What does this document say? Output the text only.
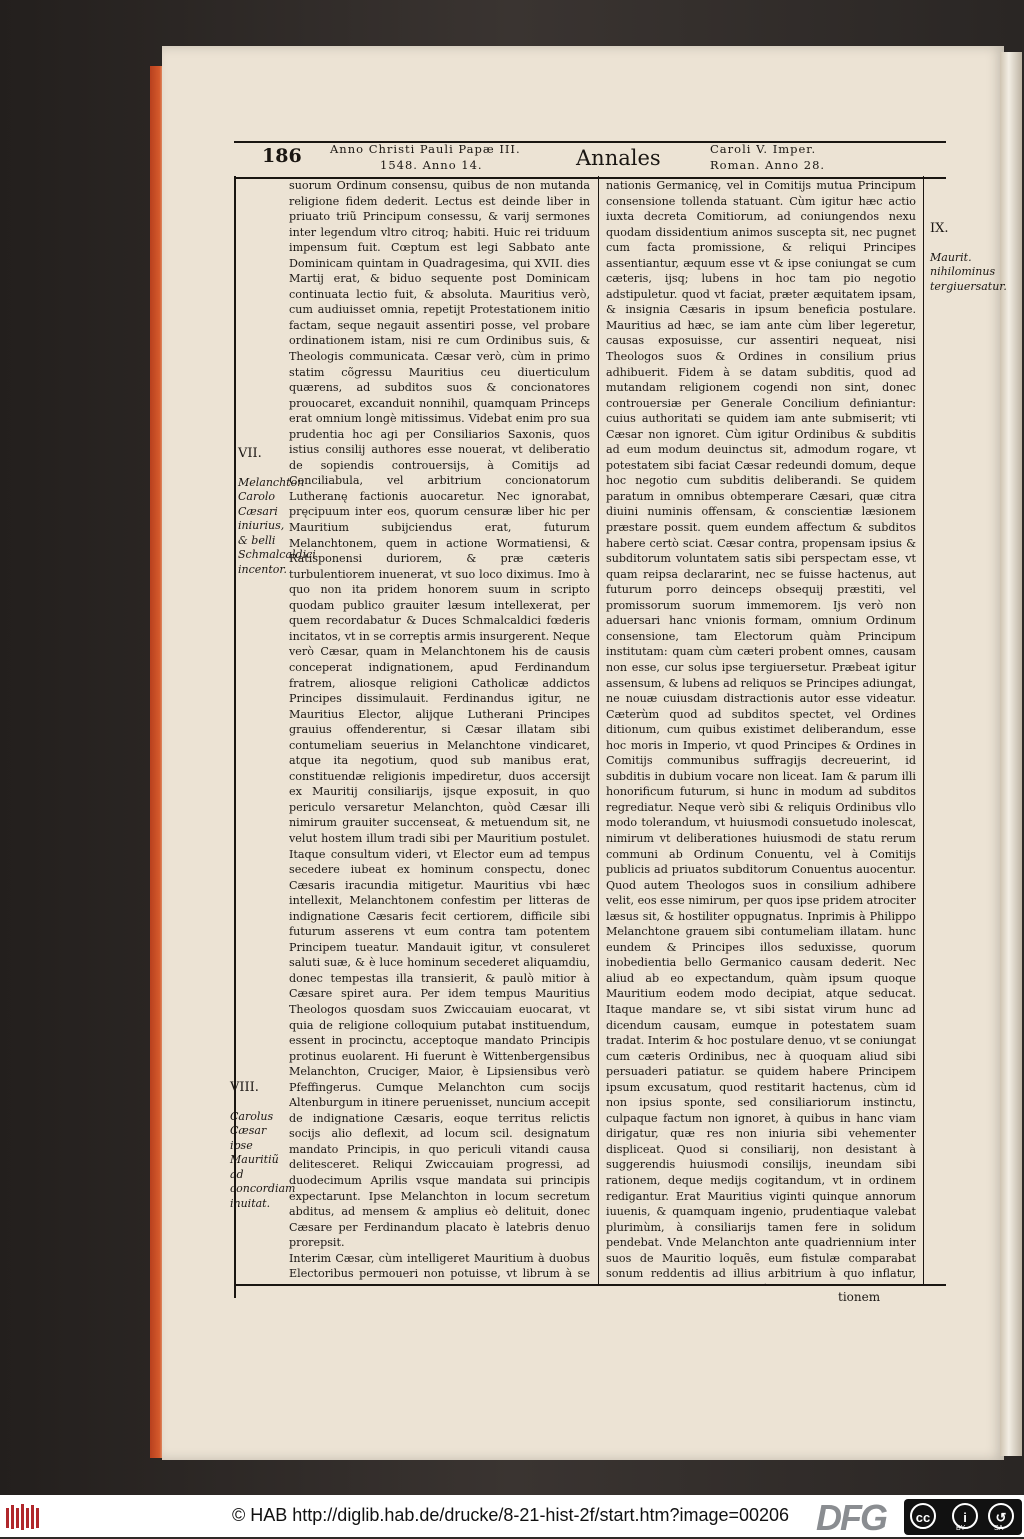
186 Anno Christi Pauli Papæ III.
1548. Anno 14.	Annales	Caroli V. Imper.
Roman. Anno 28.
suorum Ordinum consensu, quibus de non mutanda religione fidem dederit. Lectus est deinde liber in priuato triũ Principum consessu, & varij sermones inter legendum vltro citroq; habiti. Huic rei triduum impensum fuit. Cœptum est legi Sabbato ante Dominicam quintam in Quadragesima, qui XVII. dies Martij erat, & biduo sequente post Dominicam continuata lectio fuit, & absoluta. Mauritius verò, cum audiuisset omnia, repetijt Protestationem initio factam, seque negauit assentiri posse, vel probare ordinationem istam, nisi re cum Ordinibus suis, & Theologis communicata. Cæsar verò, cùm in primo statim cõgressu Mauritius ceu diuerticulum quærens, ad subditos suos & concionatores prouocaret, excanduit nonnihil, quamquam Princeps erat omnium longè mitissimus. Videbat enim pro sua prudentia hoc agi per Consiliarios Saxonis, quos istius consilij authores esse nouerat, vt deliberatio de sopiendis controuersijs, à Comitijs ad Conciliabula, vel arbitrium concionatorum Lutheranę factionis auocaretur. Nec ignorabat, pręcipuum inter eos, quorum censuræ liber hic per Mauritium subijciendus erat, futurum Melanchtonem, quem in actione Wormatiensi, & Ratisponensi duriorem, & præ cæteris turbulentiorem inuenerat, vt suo loco diximus. Imo à quo non ita pridem honorem suum in scripto quodam publico grauiter læsum intellexerat, per quem recordabatur & Duces Schmalcaldici fœderis incitatos, vt in se correptis armis insurgerent. Neque verò Cæsar, quam in Melanchtonem his de causis conceperat indignationem, apud Ferdinandum fratrem, aliosque religioni Catholicæ addictos Principes dissimulauit. Ferdinandus igitur, ne Mauritius Elector, alijque Lutherani Principes grauius offenderentur, si Cæsar illatam sibi contumeliam seuerius in Melanchtone vindicaret, atque ita negotium, quod sub manibus erat, constituendæ religionis impediretur, duos accersijt ex Mauritij consiliarijs, ijsque exposuit, in quo periculo versaretur Melanchton, quòd Cæsar illi nimirum grauiter succenseat, & metuendum sit, ne velut hostem illum tradi sibi per Mauritium postulet. Itaque consultum videri, vt Elector eum ad tempus secedere iubeat ex hominum conspectu, donec Cæsaris iracundia mitigetur. Mauritius vbi hæc intellexit, Melanchtonem confestim per litteras de indignatione Cæsaris fecit certiorem, difficile sibi futurum asserens vt eum contra tam potentem Principem tueatur. Mandauit igitur, vt consuleret saluti suæ, & è luce hominum secederet aliquamdiu, donec tempestas illa transierit, & paulò mitior à Cæsare spiret aura. Per idem tempus Mauritius Theologos quosdam suos Zwiccauiam euocarat, vt quia de religione colloquium putabat instituendum, essent in procinctu, acceptoque mandato Principis protinus euolarent. Hi fuerunt è Wittenbergensibus Melanchton, Cruciger, Maior, è Lipsiensibus verò Pfeffingerus. Cumque Melanchton cum socijs Altenburgum in itinere peruenisset, nuncium accepit de indignatione Cæsaris, eoque territus relictis socijs alio deflexit, ad locum scil. designatum mandato Principis, in quo periculi vitandi causa delitesceret. Reliqui Zwiccauiam progressi, ad duodecimum Aprilis vsque mandata sui principis expectarunt. Ipse Melanchton in locum secretum abditus, ad mensem & amplius eò delituit, donec Cæsare per Ferdinandum placato è latebris denuo prorepsit.
Interim Cæsar, cùm intelligeret Mauritium à duobus Electoribus permoueri non potuisse, vt librum à se
nationis Germanicę, vel in Comitijs mutua Principum consensione tollenda statuant. Cùm igitur hæc actio iuxta decreta Comitiorum, ad coniungendos nexu quodam dissidentium animos suscepta sit, nec pugnet cum facta promissione, & reliqui Principes assentiantur, æquum esse vt & ipse coniungat se cum cæteris, ijsq; lubens in hoc tam pio negotio adstipuletur. quod vt faciat, præter æquitatem ipsam, & insignia Cæsaris in ipsum beneficia postulare. Mauritius ad hæc, se iam ante cùm liber legeretur, causas exposuisse, cur assentiri nequeat, nisi Theologos suos & Ordines in consilium prius adhibuerit. Fidem à se datam subditis, quod ad mutandam religionem cogendi non sint, donec controuersiæ per Generale Concilium definiantur: cuius authoritati se quidem iam ante submiserit; vti Cæsar non ignoret. Cùm igitur Ordinibus & subditis ad eum modum deuinctus sit, admodum rogare, vt potestatem sibi faciat Cæsar redeundi domum, deque hoc negotio cum subditis deliberandi. Se quidem paratum in omnibus obtemperare Cæsari, quæ citra diuini numinis offensam, & conscientiæ læsionem præstare possit. quem eundem affectum & subditos habere certò sciat. Cæsar contra, propensam ipsius & subditorum voluntatem satis sibi perspectam esse, vt quam reipsa declararint, nec se fuisse hactenus, aut futurum porro deinceps obsequij præstiti, vel promissorum suorum immemorem. Ijs verò non aduersari hanc vnionis formam, omnium Ordinum consensione, tam Electorum quàm Principum institutam: quam cùm cæteri probent omnes, causam non esse, cur solus ipse tergiuersetur. Præbeat igitur assensum, & lubens ad reliquos se Principes adiungat, ne nouæ cuiusdam distractionis autor esse videatur. Cæterùm quod ad subditos spectet, vel Ordines ditionum, cum quibus existimet deliberandum, esse hoc moris in Imperio, vt quod Principes & Ordines in Comitijs communibus suffragijs decreuerint, id subditis in dubium vocare non liceat. Iam & parum illi honorificum futurum, si hunc in modum ad subditos regrediatur. Neque verò sibi & reliquis Ordinibus vllo modo tolerandum, vt huiusmodi consuetudo inolescat, nimirum vt deliberationes huiusmodi de statu rerum communi ab Ordinum Conuentu, vel à Comitijs publicis ad priuatos subditorum Conuentus auocentur. Quod autem Theologos suos in consilium adhibere velit, eos esse nimirum, per quos ipse pridem atrociter læsus sit, & hostiliter oppugnatus. Inprimis à Philippo Melanchtone grauem sibi contumeliam illatam. hunc eundem & Principes illos seduxisse, quorum inobedientia bello Germanico causam dederit. Nec aliud ab eo expectandum, quàm ipsum quoque Mauritium eodem modo decipiat, atque seducat. Itaque mandare se, vt sibi sistat virum hunc ad dicendum causam, eumque in potestatem suam tradat. Interim & hoc postulare denuo, vt se coniungat cum cæteris Ordinibus, nec à quoquam aliud sibi persuaderi patiatur. se quidem habere Principem ipsum excusatum, quod restitarit hactenus, cùm id non ipsius sponte, sed consiliariorum instinctu, culpaque factum non ignoret, à quibus in hanc viam dirigatur, quæ res non iniuria sibi vehementer displiceat. Quod si consiliarij, non desistant à suggerendis huiusmodi consilijs, ineundam sibi rationem, deque medijs cogitandum, vt in ordinem redigantur. Erat Mauritius viginti quinque annorum iuuenis, & quamquam ingenio, prudentiaque valebat plurimùm, à consiliarijs tamen fere in solidum pendebat. Vnde Melanchton ante quadriennium inter suos de Mauritio loquẽs, eum fistulæ comparabat sonum reddentis ad illius arbitrium à quo inflatur,
tionem

VII.

Melanchton Carolo Cæsari iniurius, & belli Schmalcaldici incentor.

VIII.

Carolus Cæsar ipse Mauritiũ ad concordiam inuitat.

IX.

Maurit. nihilominus tergiuersatur.

© HAB http://diglib.hab.de/drucke/8-21-hist-2f/start.htm?image=00206 DFG	cc	i	↺
BY	SA
